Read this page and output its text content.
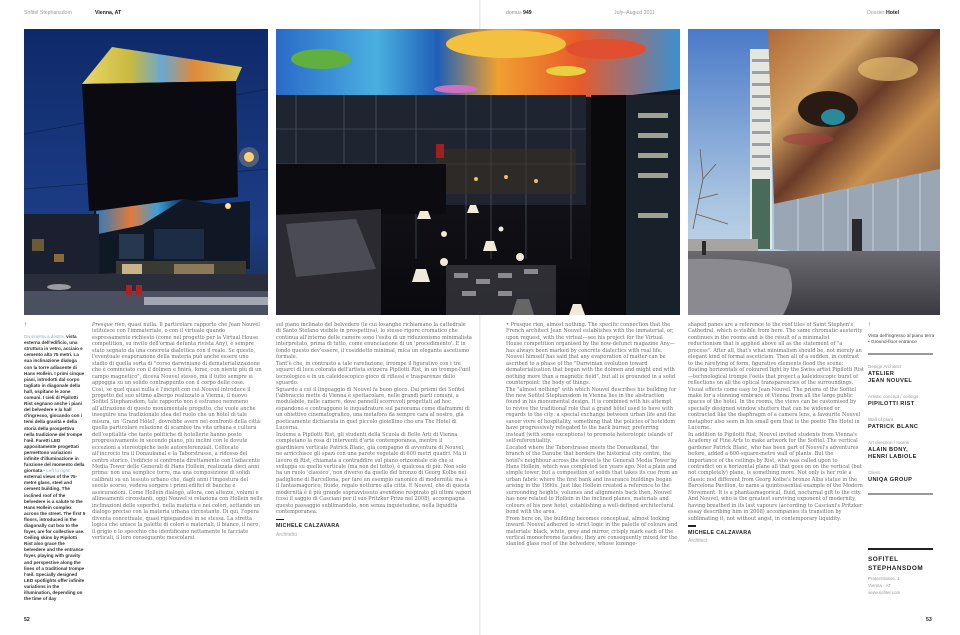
Sofitel Stephansdom	Vienna, AT	domus 949	July–August 2011	Dossier Hotel
↑
Da sinistra a destra: vista esterna dell'edificio, una struttura in vetro, acciaio e cemento alta 75 metri. La sua inclinazione dialoga con la torre adiacente di Hans Hollein. I primi cinque piani, introdotti dal corpo tagliato in diagonale della hall, ospitano le zone comuni. I cieli di Pipilotti Rist segnano anche i piani del belvedere e la hall d'ingresso, giocando con i temi della gravità e della storia della prospettiva nella tradizione del trompe l'œil. Faretti LED appositamente progettati permettono variazioni infinite d'illuminazione in funzione del momento della giornata • Left to right: external views of the 75-metre glass, steel and cement building. The inclined roof of the belvedere is a salute to the Hans Hollein complex across the street. The first 5 floors, introduced in the diagonally cut box to the foyer, are for collective use. Ceiling skins by Pipilotti Rist also grace the belvedere and the entrance foyer, playing with gravity and perspective along the lines of a traditional trompe l'œil. Specially designed LED spotlights offer infinite variations in the illumination, depending on the time of day

Presque rien, quasi nulla. Il particolare rapporto che Jean Nouvel istituisce con l'immateriale, o con il virtuale quando espressamente richiesto (come nel progetto per la Virtual House competition, su invito dell'ormai defunta rivista Any), è sempre stato segnato da una concreta dialettica con il reale. Se questo, l'eventuale evaporazione della materia può anche essere uno stadio di quella sorta di "corso darwiniano di dematerializzazione che è cominciato con il dolmen e finirà, forse, con niente più di un campo magnetico", diceva Nouvel stesso, ma il tutto sempre si appoggia su un solido contrappunto con il corpo delle cose.

Così, se quel quasi nulla è l'incipit con cui Nouvel introduce il progetto del suo ultimo albergo realizzato a Vienna, il nuovo Sofitel Stephansdom, tale rapporto non è estraneo nemmeno all'attrazione di questo monumentale progetto, che vuole anche inseguire una tradizionale idea del ruolo che un hôtel di tale misura, un 'Grand Hôtel', dovrebbe avere nei confronti della città: quella particolare relazione di scambio tra vita urbana e cultura dell'ospitalità che tante politiche di hotellerie hanno posto progressivamente in secondo piano, più inclini con le dovute eccezioni a stereotipiche isole autoreferenziali. Collocato all'incrocio tra il Donaukanal e la Taborstrasse, a ridosso del centro storico, l'edificio si confronta direttamente con l'adiacente Media Tower delle Generali di Hans Hollein, realizzata dieci anni prima: non una semplice torre, ma una composizione di solidi calibrati su un tessuto urbano che, dagli anni l'impostura del secolo scorso, vedeva sorgere i primi edifici di banche e assicurazioni. Come Hollein dialogò, allora, con altezze, volumi e allineamenti circostanti, oggi Nouvel si relaziona con Hollein nelle inclinazioni delle superfici, nella materia e nei colori, settando un dialogo preciso con la materia urbana circostante. Di qui, l'opera diventa concettuale, quasi ripiegandosi in se stessa. La stretta logica che unisce la palette di colori e materiali, il bianco, il nero, il grigio e lo specchio che identificano nettamente le facciate verticali, il loro conseguente mescolarsi

sul piano inclinato del belvedere (le cui losanghe richiamano la cattedrale di Santo Stefano visibile in prospettiva), lo stesso rigore cromatico che continua all'interno delle camere sono l'esito di un riduzionismo minimalista interpretato, prima di tutto, come enunciazione di un 'procedimento'. È in fondo questo dev'essere, il cosiddetto minimal, mica un elegante ascetismo formale.

Tant'è che, in contrasto a tale rarefazione, irrompe il figurativo con i tre squarci di luce colorata dell'artista svizzera Pipilotti Rist, in un trompe-l'œil tecnologico e in un caleidoscopico gioco di riflessi e trasparenze dello sguardo.

Sguardo a cui il linguaggio di Nouvel fa buon gioco. Dai prismi dei Sofitel l'abbraccio mette di Vienna è spettacolare, nelle grandi parti comuni, a modulabile, nelle camere, dove pannelli scorrevoli progettati ad hoc espandono e contraggono le inquadrature sul panorama come diaframmi di un obiettivo cinematografico, una metafora da sempre cara al nostro, già poeticamente dichiarata in quel piccolo gioiellino che era The Hotel di Lucerna.

Insieme a Pipilotti Rist, gli studenti della Scuola di Belle Arti di Vienna completano la rosa di interventi d'arte contemporanea, mentre il giardiniere verticale Patrick Blanc, già compagno di avventura di Nouvel, ne arricchisce gli spazi con una parete vegetale di 600 metri quadri. Ma il lavoro di Rist, chiamata a contraddire sul piano orizzontale ciò che si sviluppa su quello verticale (ma non del tutto), è qualcosa di più. Non solo ha un ruolo 'classico', non diverso da quello del bronzo di Georg Kolbe nel padiglione di Barcellona, per fare un esempio canonico di modernità: ma è il fantasmagorico, fluido, regalo notturno alla città. E Nouvel, che di questa modernità è il più grande sopravvissuto avendone respirato gli ultimi vapori (così il saggio di Casciani per il suo Pritzker Prize nel 2008), accompagna questo passaggio sublimandolo, non senza inquietudine, nella liquidità contemporanea.

MICHELE CALZAVARA
Architetto

• Presque rien, almost nothing. The specific connection that the French architect Jean Nouvel establishes with the immaterial, or, upon request, with the virtual—see his project for the Virtual House competition organised by the now-defunct magazine Any—has always been marked by concrete dialectics with real life. Nouvel himself has said that any evaporation of matter can be ascribed to a phase of the "Darwinian evolution toward dematerialisation that began with the dolmen and might end with nothing more than a magnetic field", but all is grounded in a solid counterpoint: the body of things.

The "almost nothing" with which Nouvel describes his building for the new Sofitel Stephansdom in Vienna lies in the abstraction found in his monumental design. It is combined with his attempt to revive the traditional role that a grand hôtel used to have with regards to the city: a special exchange between urban life and the savoir vivre of hospitality, something that the policies of hoteldom have progressively relegated to the back burner, preferring instead (with some exceptions) to promote heterotopic islands of self-referentiality.

Located where the Taborstrasse meets the Donaukanal, the branch of the Danube that borders the historical city centre, the hotel's neighbour across the street is the Generali Media Tower by Hans Hollein, which was completed ten years ago. Not a plain and simple tower, but a composition of solids that takes its cue from an urban fabric where the first bank and insurance buildings began arising in the 1990s. Just like Hollein created a reference to the surrounding heights, volumes and alignments back then, Nouvel has now related to Hollein in the inclined planes, materials and colours of his new hotel, establishing a well-defined architectural bond with the area.

From here on, the building becomes conceptual, almost looking inward. Nouvel adhered to strict logic in the palette of colours and materials: black, white, grey and mirror, crisply mark each of the vertical monochrome facades; they are consequently mixed for the slanted glass roof of the belvedere, whose lozenge-

shaped panes are a reference to the roof tiles of Saint Stephen's Cathedral, which is visible from here. The same chromatic austerity continues in the rooms and is the result of a minimalist reductionism that is applied above all as the statement of "a process". After all, that's what minimalism should be, not merely an elegant kind of formal asceticism. Then all of a sudden, in contrast to the rarefying of form, figurative elements flood the scene: floating horizontals of coloured light by the Swiss artist Pipilotti Rist—technological trompe l'oeils that project a kaleidoscopic burst of reflections on all the optical transparencies of the surroundings. Visual effects come easy to Jean Nouvel. The prisms of the Sofitel make for a stunning embrace of Vienna from all the large public spaces of the hotel. In the rooms, the views can be customised by specially designed window shutters that can be widened or contracted like the diaphragm of a camera lens, a favourite Nouvel metaphor also seen in his small gem that is the poetic The Hotel in Lucerne.

In addition to Pipilotti Rist, Nouvel invited students from Vienna's Academy of Fine Arts to make artwork for the Sofitel. The vertical gardener Patrick Blanc, who has been part of Nouvel's adventures before, added a 600-square-metre wall of plants. But the importance of the ceilings by Rist, who was called upon to contradict on a horizontal plane all that goes on on the vertical (but not completely) plane, is something more. Not only is her role a classic nod different from Georg Kolbe's bronze Alba statue in the Barcelona Pavilion, to name a quintessential example of the Modern Movement. It is a phantasmagorical, fluid, nocturnal gift to the city. And Nouvel, who is the greatest surviving exponent of modernity, having breathed in its last vapours (according to Casciani's Pritzker essay describing him in 2008) accompanies its transition by sublimating it, not without angst, in contemporary liquidity.

MICHELE CALZAVARA
Architect
↑
Vista dell'ingresso al piano terra
• Ground-floor entrance
Design Architect
ATELIER
JEAN NOUVEL
Artistic concept / ceilings
PIPILOTTI RIST
Wall of plant
PATRICK BLANC
Art direction / rooms
ALAIN BONY,
HENRI LABIOLE
Client
UNIQA GROUP
SOFITEL
STEPHANSDOM
Praterstrasse, 1
Vienna - AT
www.sofitel.com
52	53
